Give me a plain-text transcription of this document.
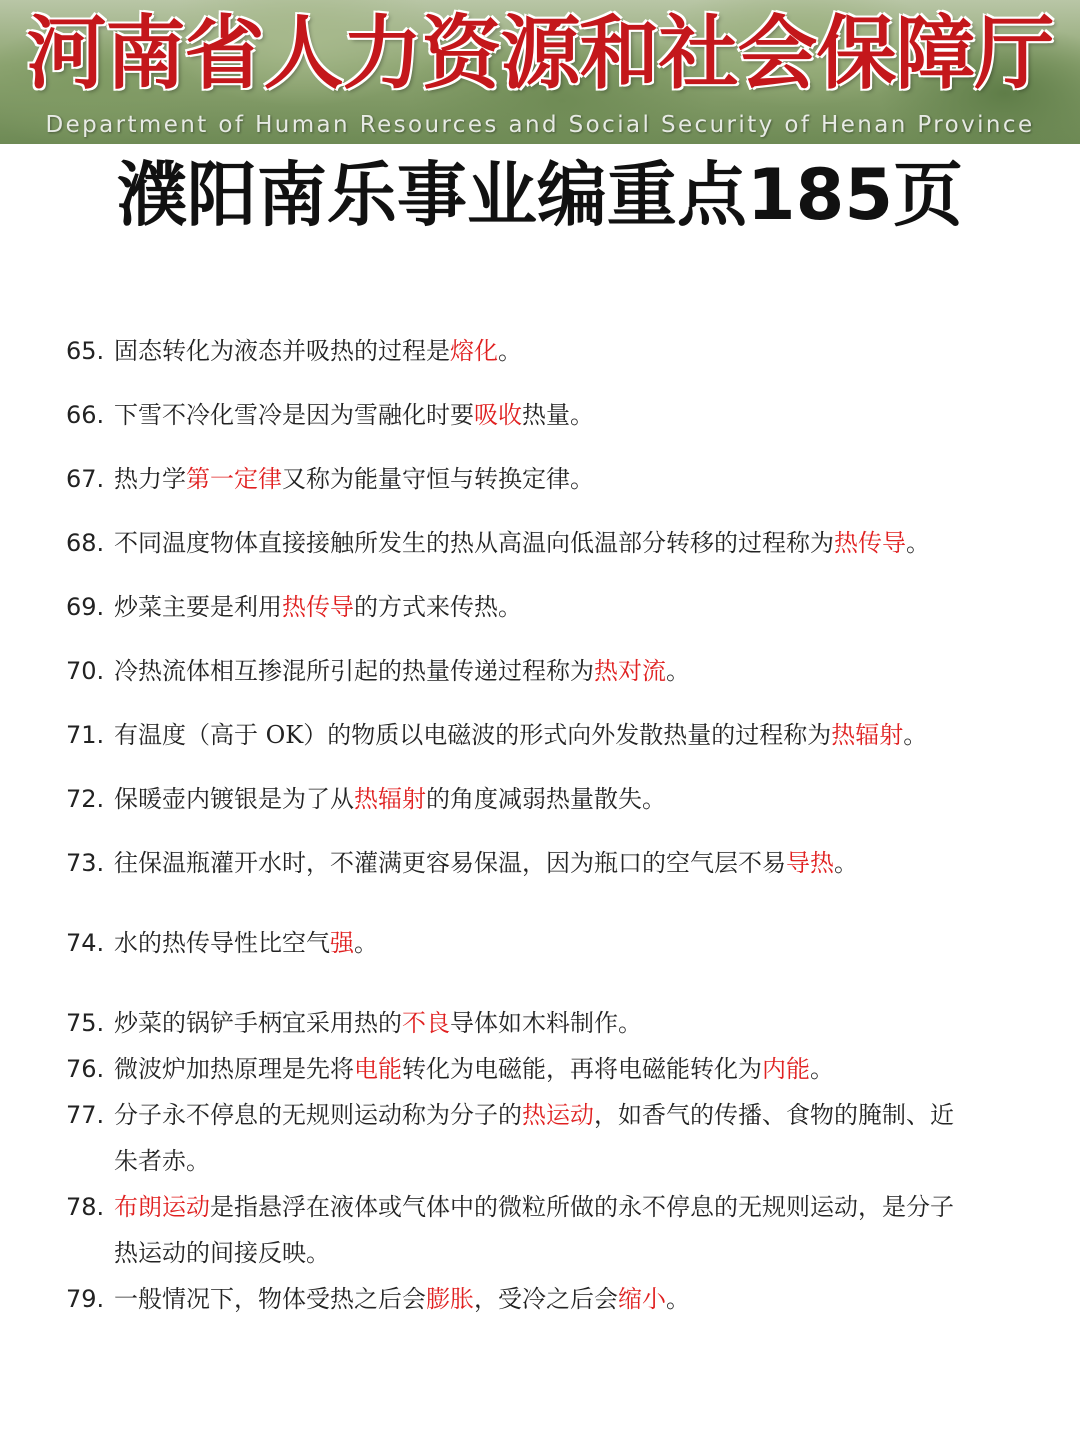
河南省人力资源和社会保障厅
Department of Human Resources and Social Security of Henan Province
濮阳南乐事业编重点185页
65. 固态转化为液态并吸热的过程是熔化。
66. 下雪不冷化雪冷是因为雪融化时要吸收热量。
67. 热力学第一定律又称为能量守恒与转换定律。
68. 不同温度物体直接接触所发生的热从高温向低温部分转移的过程称为热传导。
69. 炒菜主要是利用热传导的方式来传热。
70. 冷热流体相互掺混所引起的热量传递过程称为热对流。
71. 有温度（高于 OK）的物质以电磁波的形式向外发散热量的过程称为热辐射。
72. 保暖壶内镀银是为了从热辐射的角度减弱热量散失。
73. 往保温瓶灌开水时，不灌满更容易保温，因为瓶口的空气层不易导热。
74. 水的热传导性比空气强。
75. 炒菜的锅铲手柄宜采用热的不良导体如木料制作。
76. 微波炉加热原理是先将电能转化为电磁能，再将电磁能转化为内能。
77. 分子永不停息的无规则运动称为分子的热运动，如香气的传播、食物的腌制、近朱者赤。
78. 布朗运动是指悬浮在液体或气体中的微粒所做的永不停息的无规则运动，是分子热运动的间接反映。
79. 一般情况下，物体受热之后会膨胀，受冷之后会缩小。
